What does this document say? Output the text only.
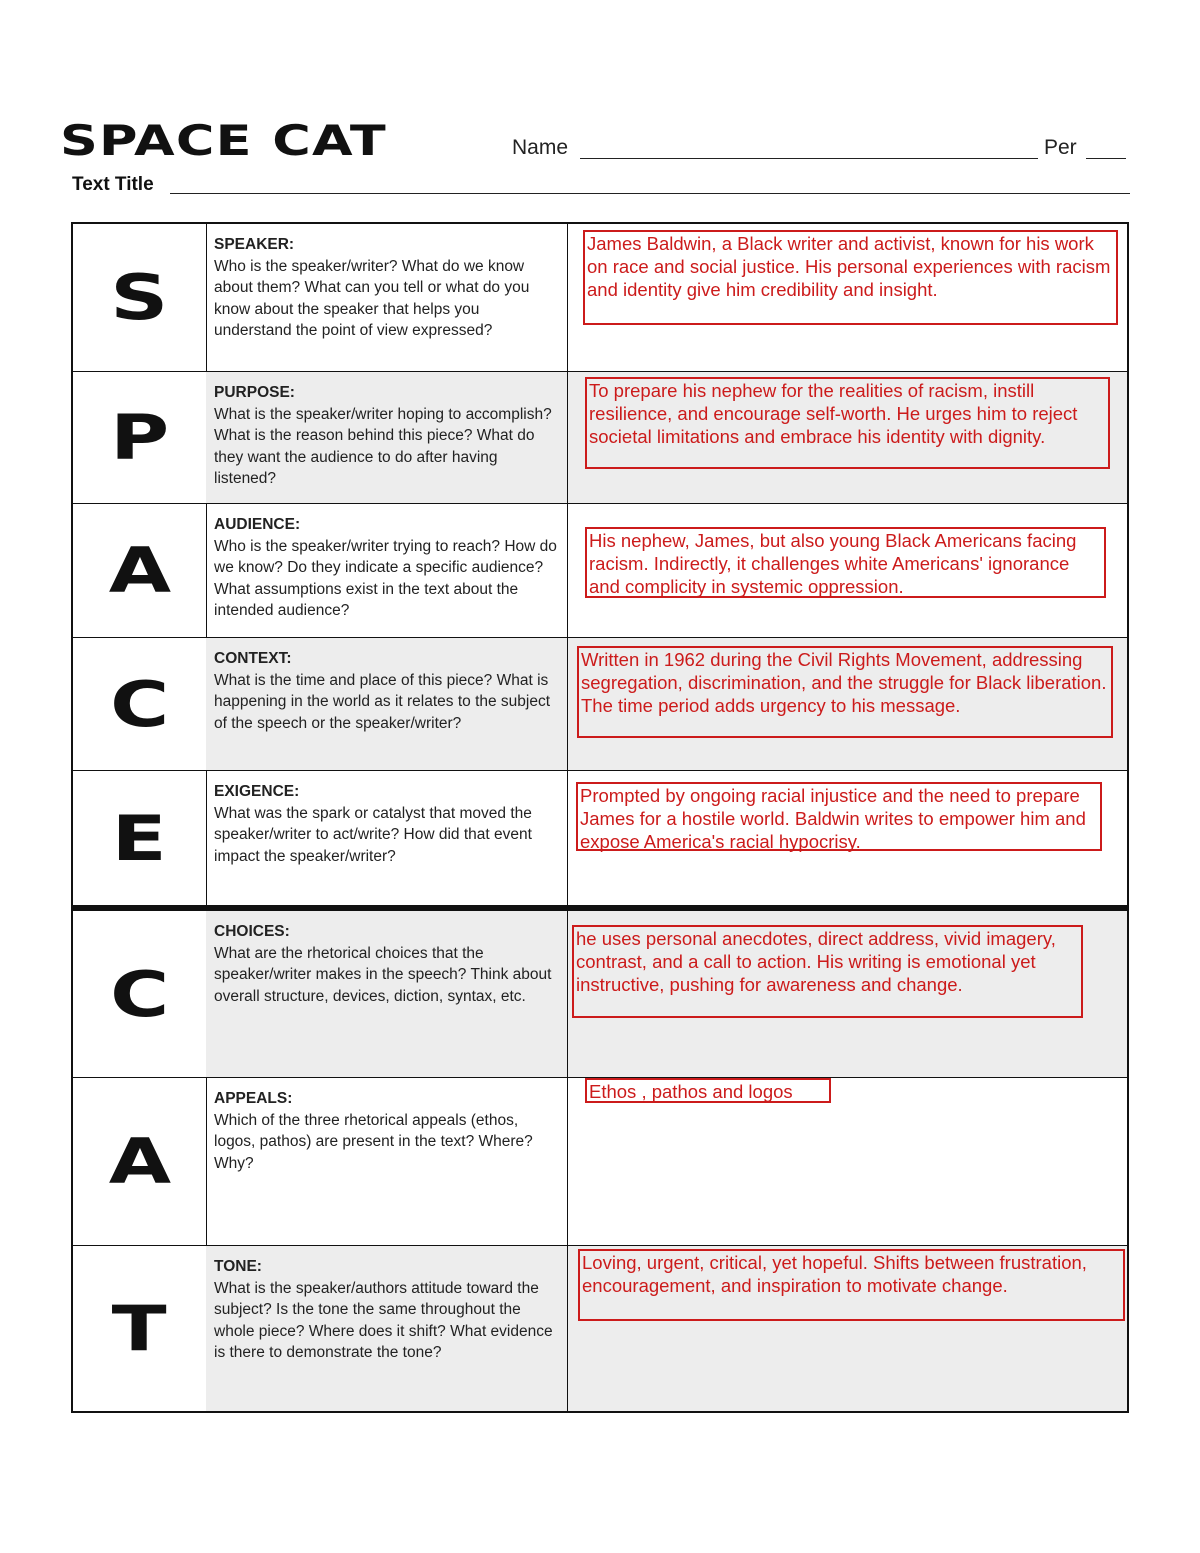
SPACE CAT	Name	Per
Text Title
S
SPEAKER:
Who is the speaker/writer? What do we know about them? What can you tell or what do you know about the speaker that helps you understand the point of view expressed?
James Baldwin, a Black writer and activist, known for his work on race and social justice. His personal experiences with racism and identity give him credibility and insight.
P
PURPOSE:
What is the speaker/writer hoping to accomplish? What is the reason behind this piece? What do they want the audience to do after having listened?
To prepare his nephew for the realities of racism, instill resilience, and encourage self-worth. He urges him to reject societal limitations and embrace his identity with dignity.
A
AUDIENCE:
Who is the speaker/writer trying to reach? How do we know? Do they indicate a specific audience? What assumptions exist in the text about the intended audience?
His nephew, James, but also young Black Americans facing racism. Indirectly, it challenges white Americans' ignorance and complicity in systemic oppression.
C
CONTEXT:
What is the time and place of this piece? What is happening in the world as it relates to the subject of the speech or the speaker/writer?
Written in 1962 during the Civil Rights Movement, addressing segregation, discrimination, and the struggle for Black liberation. The time period adds urgency to his message.
E
EXIGENCE:
What was the spark or catalyst that moved the speaker/writer to act/write? How did that event impact the speaker/writer?
Prompted by ongoing racial injustice and the need to prepare James for a hostile world. Baldwin writes to empower him and expose America's racial hypocrisy.
C
CHOICES:
What are the rhetorical choices that the speaker/writer makes in the speech? Think about overall structure, devices, diction, syntax, etc.
he uses personal anecdotes, direct address, vivid imagery, contrast, and a call to action. His writing is emotional yet instructive, pushing for awareness and change.
A
APPEALS:
Which of the three rhetorical appeals (ethos, logos, pathos) are present in the text? Where? Why?
Ethos , pathos and logos
T
TONE:
What is the speaker/authors attitude toward the subject? Is the tone the same throughout the whole piece? Where does it shift? What evidence is there to demonstrate the tone?
Loving, urgent, critical, yet hopeful. Shifts between frustration, encouragement, and inspiration to motivate change.
